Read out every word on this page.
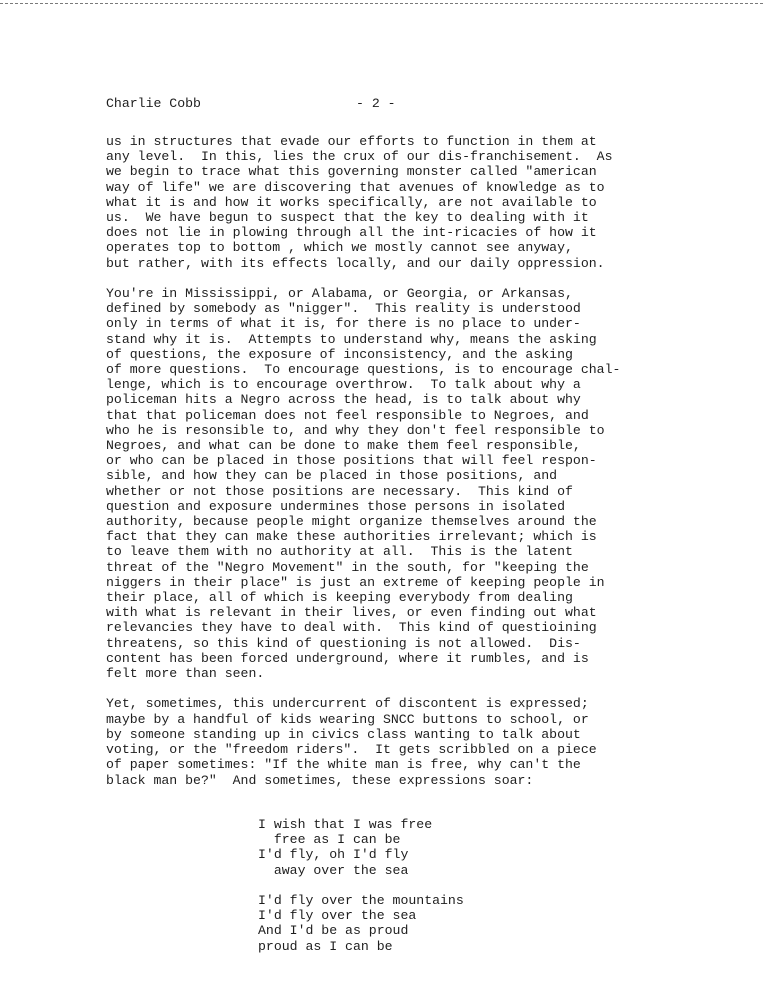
Charlie Cobb

	- 2 -

us in structures that evade our efforts to function in them at
any level.  In this, lies the crux of our dis-franchisement.  As
we begin to trace what this governing monster called "american
way of life" we are discovering that avenues of knowledge as to
what it is and how it works specifically, are not available to
us.  We have begun to suspect that the key to dealing with it
does not lie in plowing through all the int-ricacies of how it
operates top to bottom , which we mostly cannot see anyway,
but rather, with its effects locally, and our daily oppression.

You're in Mississippi, or Alabama, or Georgia, or Arkansas,
defined by somebody as "nigger".  This reality is understood
only in terms of what it is, for there is no place to under-
stand why it is.  Attempts to understand why, means the asking
of questions, the exposure of inconsistency, and the asking
of more questions.  To encourage questions, is to encourage chal-
lenge, which is to encourage overthrow.  To talk about why a
policeman hits a Negro across the head, is to talk about why
that that policeman does not feel responsible to Negroes, and
who he is resonsible to, and why they don't feel responsible to
Negroes, and what can be done to make them feel responsible,
or who can be placed in those positions that will feel respon-
sible, and how they can be placed in those positions, and
whether or not those positions are necessary.  This kind of
question and exposure undermines those persons in isolated
authority, because people might organize themselves around the
fact that they can make these authorities irrelevant; which is
to leave them with no authority at all.  This is the latent
threat of the "Negro Movement" in the south, for "keeping the
niggers in their place" is just an extreme of keeping people in
their place, all of which is keeping everybody from dealing
with what is relevant in their lives, or even finding out what
relevancies they have to deal with.  This kind of questioining
threatens, so this kind of questioning is not allowed.  Dis-
content has been forced underground, where it rumbles, and is
felt more than seen.

Yet, sometimes, this undercurrent of discontent is expressed;
maybe by a handful of kids wearing SNCC buttons to school, or
by someone standing up in civics class wanting to talk about
voting, or the "freedom riders".  It gets scribbled on a piece
of paper sometimes: "If the white man is free, why can't the
black man be?"  And sometimes, these expressions soar:

I wish that I was free
free as I can be
I'd fly, oh I'd fly
away over the sea

I'd fly over the mountains
I'd fly over the sea
And I'd be as proud
proud as I can be
